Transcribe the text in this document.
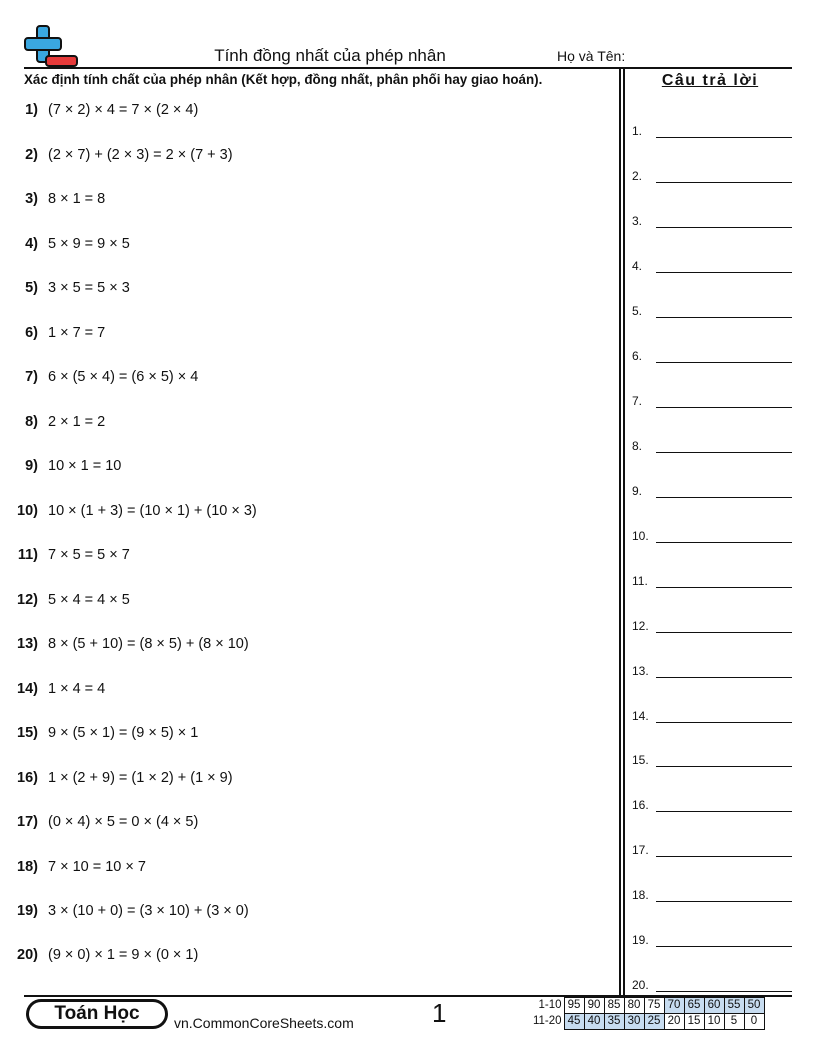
Tính đồng nhất của phép nhân	Họ và Tên:
Xác định tính chất của phép nhân (Kết hợp, đồng nhất, phân phối hay giao hoán).
1) (7 × 2) × 4 = 7 × (2 × 4)
2) (2 × 7) + (2 × 3) = 2 × (7 + 3)
3) 8 × 1 = 8
4) 5 × 9 = 9 × 5
5) 3 × 5 = 5 × 3
6) 1 × 7 = 7
7) 6 × (5 × 4) = (6 × 5) × 4
8) 2 × 1 = 2
9) 10 × 1 = 10
10) 10 × (1 + 3) = (10 × 1) + (10 × 3)
11) 7 × 5 = 5 × 7
12) 5 × 4 = 4 × 5
13) 8 × (5 + 10) = (8 × 5) + (8 × 10)
14) 1 × 4 = 4
15) 9 × (5 × 1) = (9 × 5) × 1
16) 1 × (2 + 9) = (1 × 2) + (1 × 9)
17) (0 × 4) × 5 = 0 × (4 × 5)
18) 7 × 10 = 10 × 7
19) 3 × (10 + 0) = (3 × 10) + (3 × 0)
20) (9 × 0) × 1 = 9 × (0 × 1)
Câu trả lời
1.
2.
3.
4.
5.
6.
7.
8.
9.
10.
11.
12.
13.
14.
15.
16.
17.
18.
19.
20.
Toán Học	vn.CommonCoreSheets.com	1	1-10	95	90	85	80	75	70	65	60	55	50
11-20	45	40	35	30	25	20	15	10	5	0
